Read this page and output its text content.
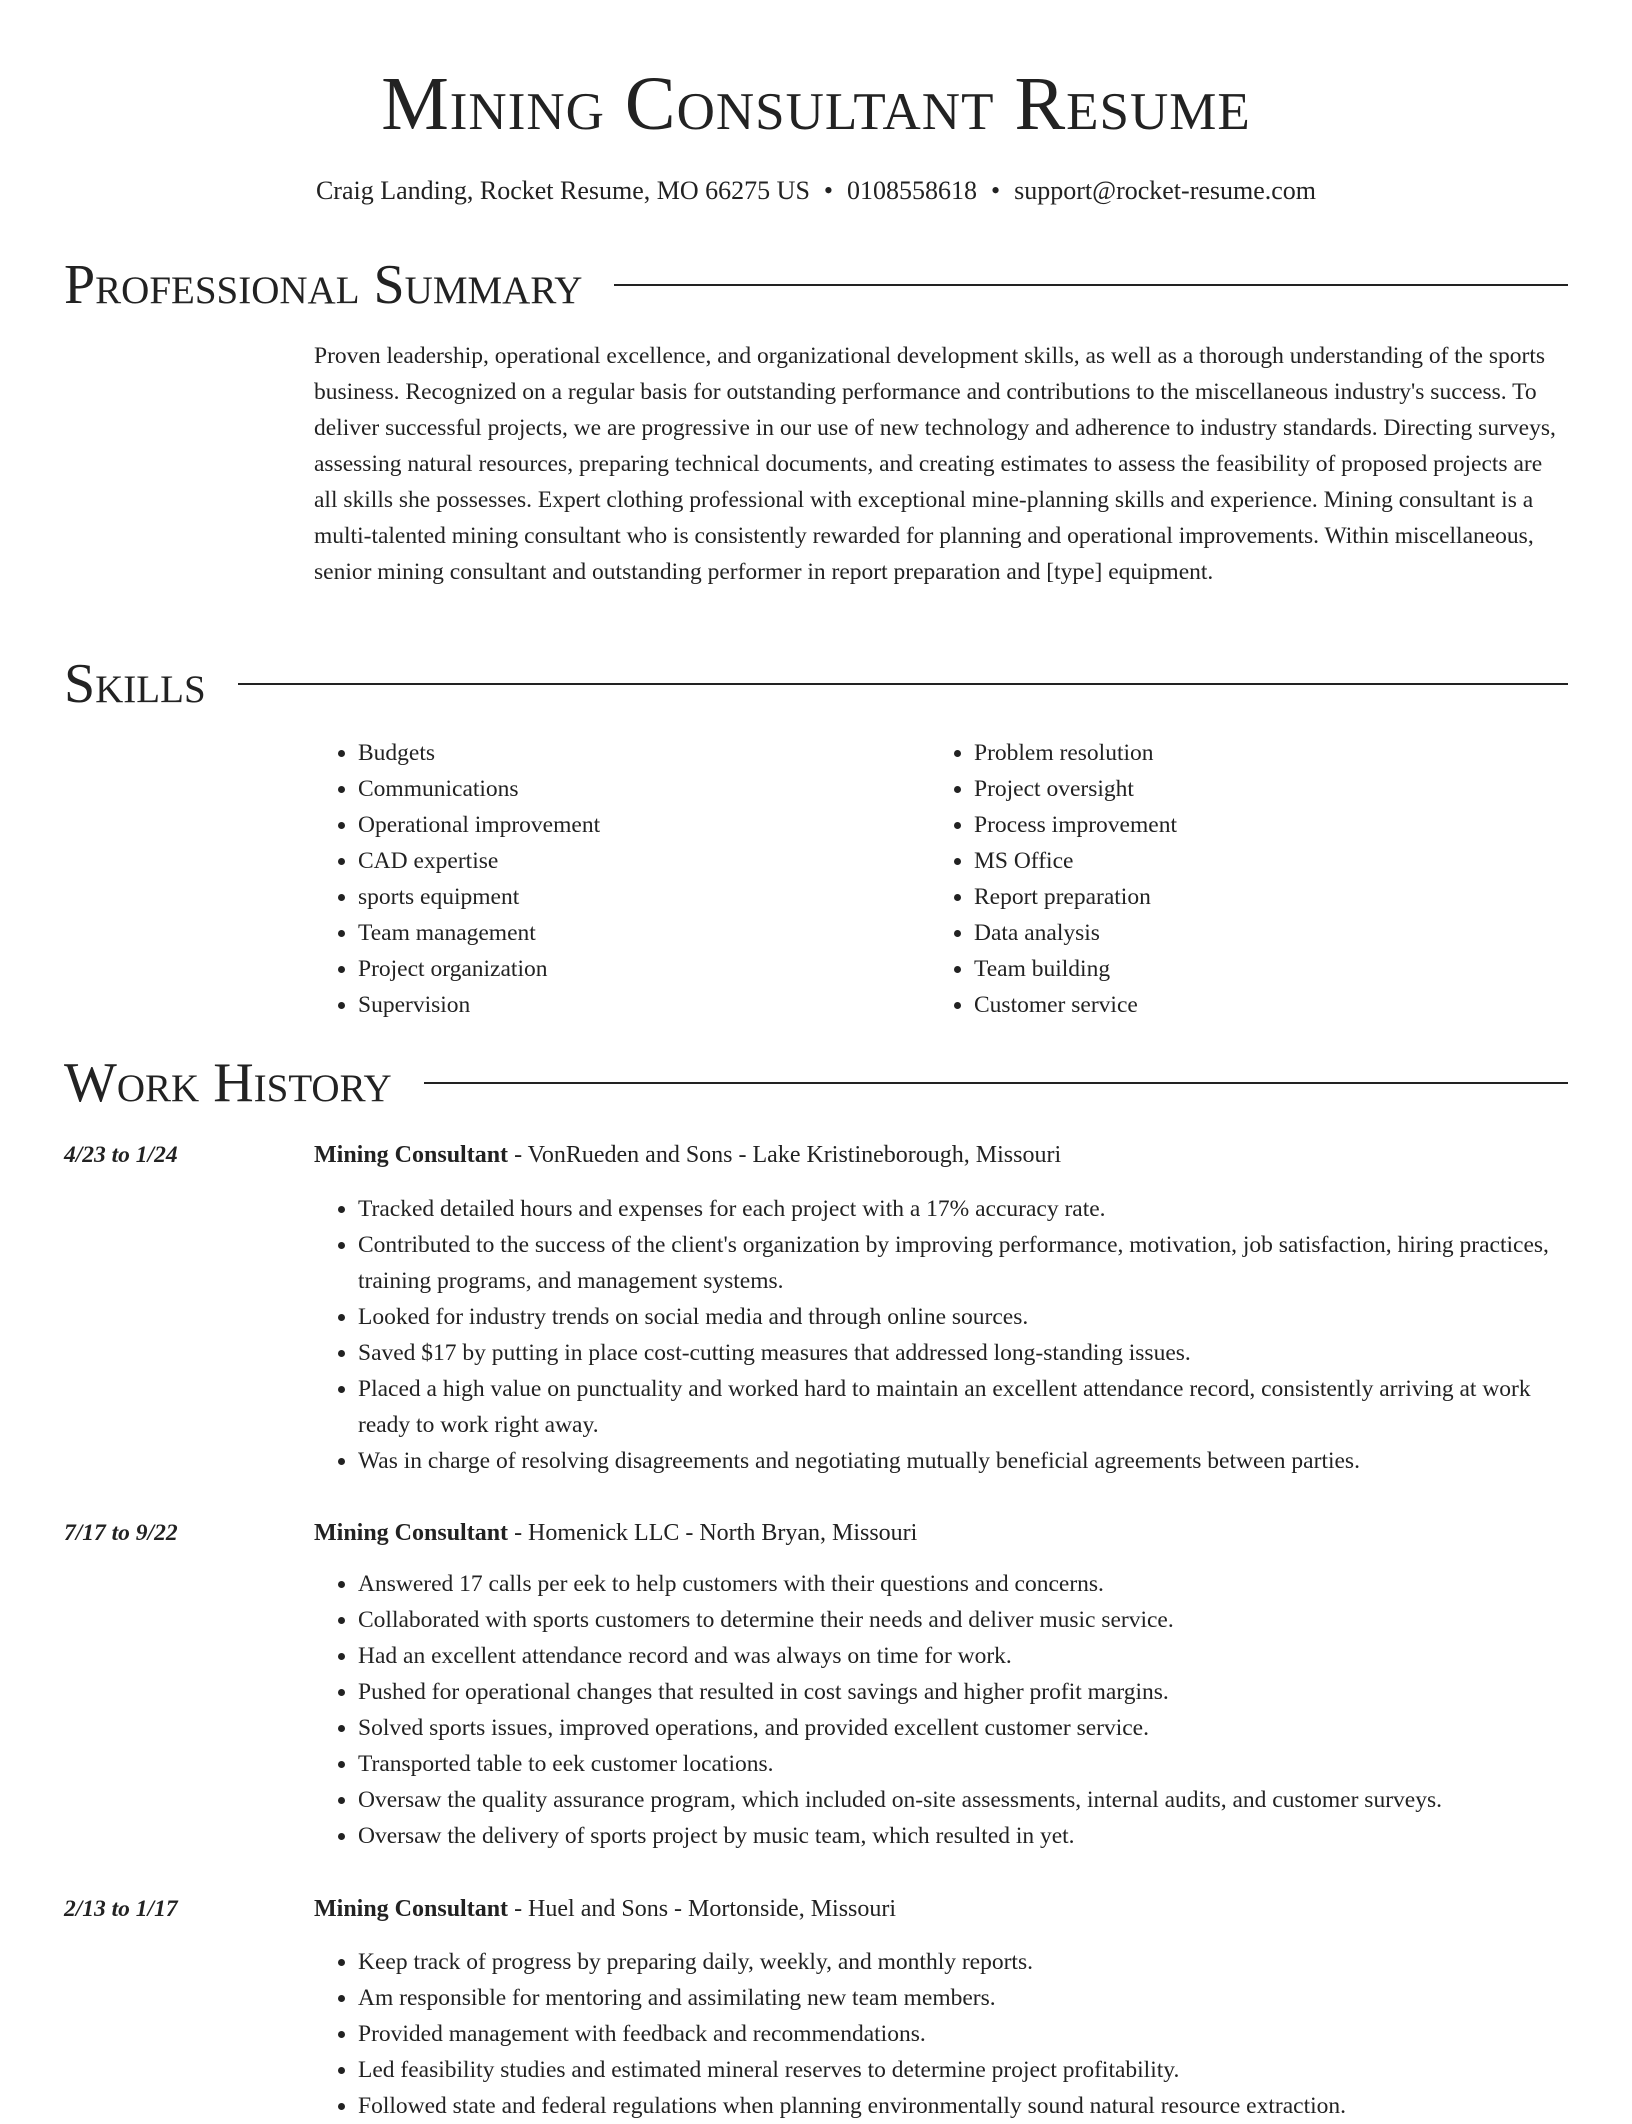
Mining Consultant Resume
Craig Landing, Rocket Resume, MO 66275 US • 0108558618 • support@rocket-resume.com
Professional Summary
Proven leadership, operational excellence, and organizational development skills, as well as a thorough understanding of the sports business. Recognized on a regular basis for outstanding performance and contributions to the miscellaneous industry's success. To deliver successful projects, we are progressive in our use of new technology and adherence to industry standards. Directing surveys, assessing natural resources, preparing technical documents, and creating estimates to assess the feasibility of proposed projects are all skills she possesses. Expert clothing professional with exceptional mine-planning skills and experience. Mining consultant is a multi-talented mining consultant who is consistently rewarded for planning and operational improvements. Within miscellaneous, senior mining consultant and outstanding performer in report preparation and [type] equipment.
Skills
• Budgets
• Communications
• Operational improvement
• CAD expertise
• sports equipment
• Team management
• Project organization
• Supervision
• Problem resolution
• Project oversight
• Process improvement
• MS Office
• Report preparation
• Data analysis
• Team building
• Customer service
Work History
4/23 to 1/24	Mining Consultant - VonRueden and Sons - Lake Kristineborough, Missouri
• Tracked detailed hours and expenses for each project with a 17% accuracy rate.
• Contributed to the success of the client's organization by improving performance, motivation, job satisfaction, hiring practices, training programs, and management systems.
• Looked for industry trends on social media and through online sources.
• Saved $17 by putting in place cost-cutting measures that addressed long-standing issues.
• Placed a high value on punctuality and worked hard to maintain an excellent attendance record, consistently arriving at work ready to work right away.
• Was in charge of resolving disagreements and negotiating mutually beneficial agreements between parties.
7/17 to 9/22	Mining Consultant - Homenick LLC - North Bryan, Missouri
• Answered 17 calls per eek to help customers with their questions and concerns.
• Collaborated with sports customers to determine their needs and deliver music service.
• Had an excellent attendance record and was always on time for work.
• Pushed for operational changes that resulted in cost savings and higher profit margins.
• Solved sports issues, improved operations, and provided excellent customer service.
• Transported table to eek customer locations.
• Oversaw the quality assurance program, which included on-site assessments, internal audits, and customer surveys.
• Oversaw the delivery of sports project by music team, which resulted in yet.
2/13 to 1/17	Mining Consultant - Huel and Sons - Mortonside, Missouri
• Keep track of progress by preparing daily, weekly, and monthly reports.
• Am responsible for mentoring and assimilating new team members.
• Provided management with feedback and recommendations.
• Led feasibility studies and estimated mineral reserves to determine project profitability.
• Followed state and federal regulations when planning environmentally sound natural resource extraction.
